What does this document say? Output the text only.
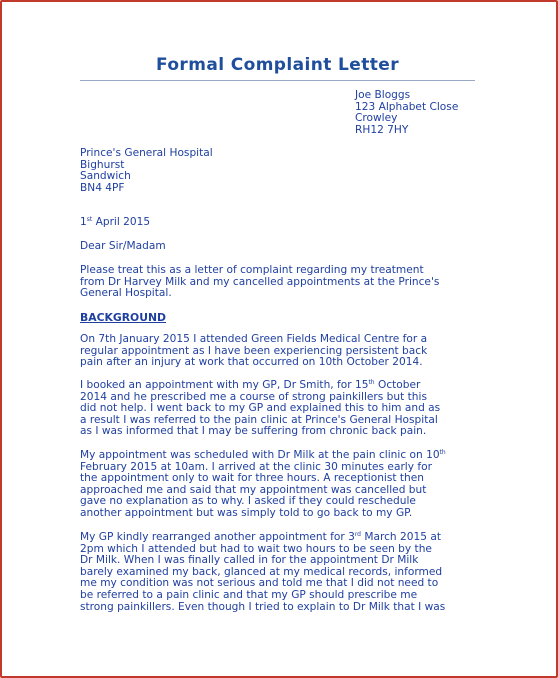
Formal Complaint Letter
Joe Bloggs
123 Alphabet Close
Crowley
RH12 7HY
Prince's General Hospital
Bighurst
Sandwich
BN4 4PF
1st April 2015
Dear Sir/Madam
Please treat this as a letter of complaint regarding my treatment
from Dr Harvey Milk and my cancelled appointments at the Prince's
General Hospital.
BACKGROUND
On 7th January 2015 I attended Green Fields Medical Centre for a
regular appointment as I have been experiencing persistent back
pain after an injury at work that occurred on 10th October 2014.
I booked an appointment with my GP, Dr Smith, for 15th October
2014 and he prescribed me a course of strong painkillers but this
did not help. I went back to my GP and explained this to him and as
a result I was referred to the pain clinic at Prince's General Hospital
as I was informed that I may be suffering from chronic back pain.
My appointment was scheduled with Dr Milk at the pain clinic on 10th
February 2015 at 10am. I arrived at the clinic 30 minutes early for
the appointment only to wait for three hours. A receptionist then
approached me and said that my appointment was cancelled but
gave no explanation as to why. I asked if they could reschedule
another appointment but was simply told to go back to my GP.
My GP kindly rearranged another appointment for 3rd March 2015 at
2pm which I attended but had to wait two hours to be seen by the
Dr Milk. When I was finally called in for the appointment Dr Milk
barely examined my back, glanced at my medical records, informed
me my condition was not serious and told me that I did not need to
be referred to a pain clinic and that my GP should prescribe me
strong painkillers. Even though I tried to explain to Dr Milk that I was
